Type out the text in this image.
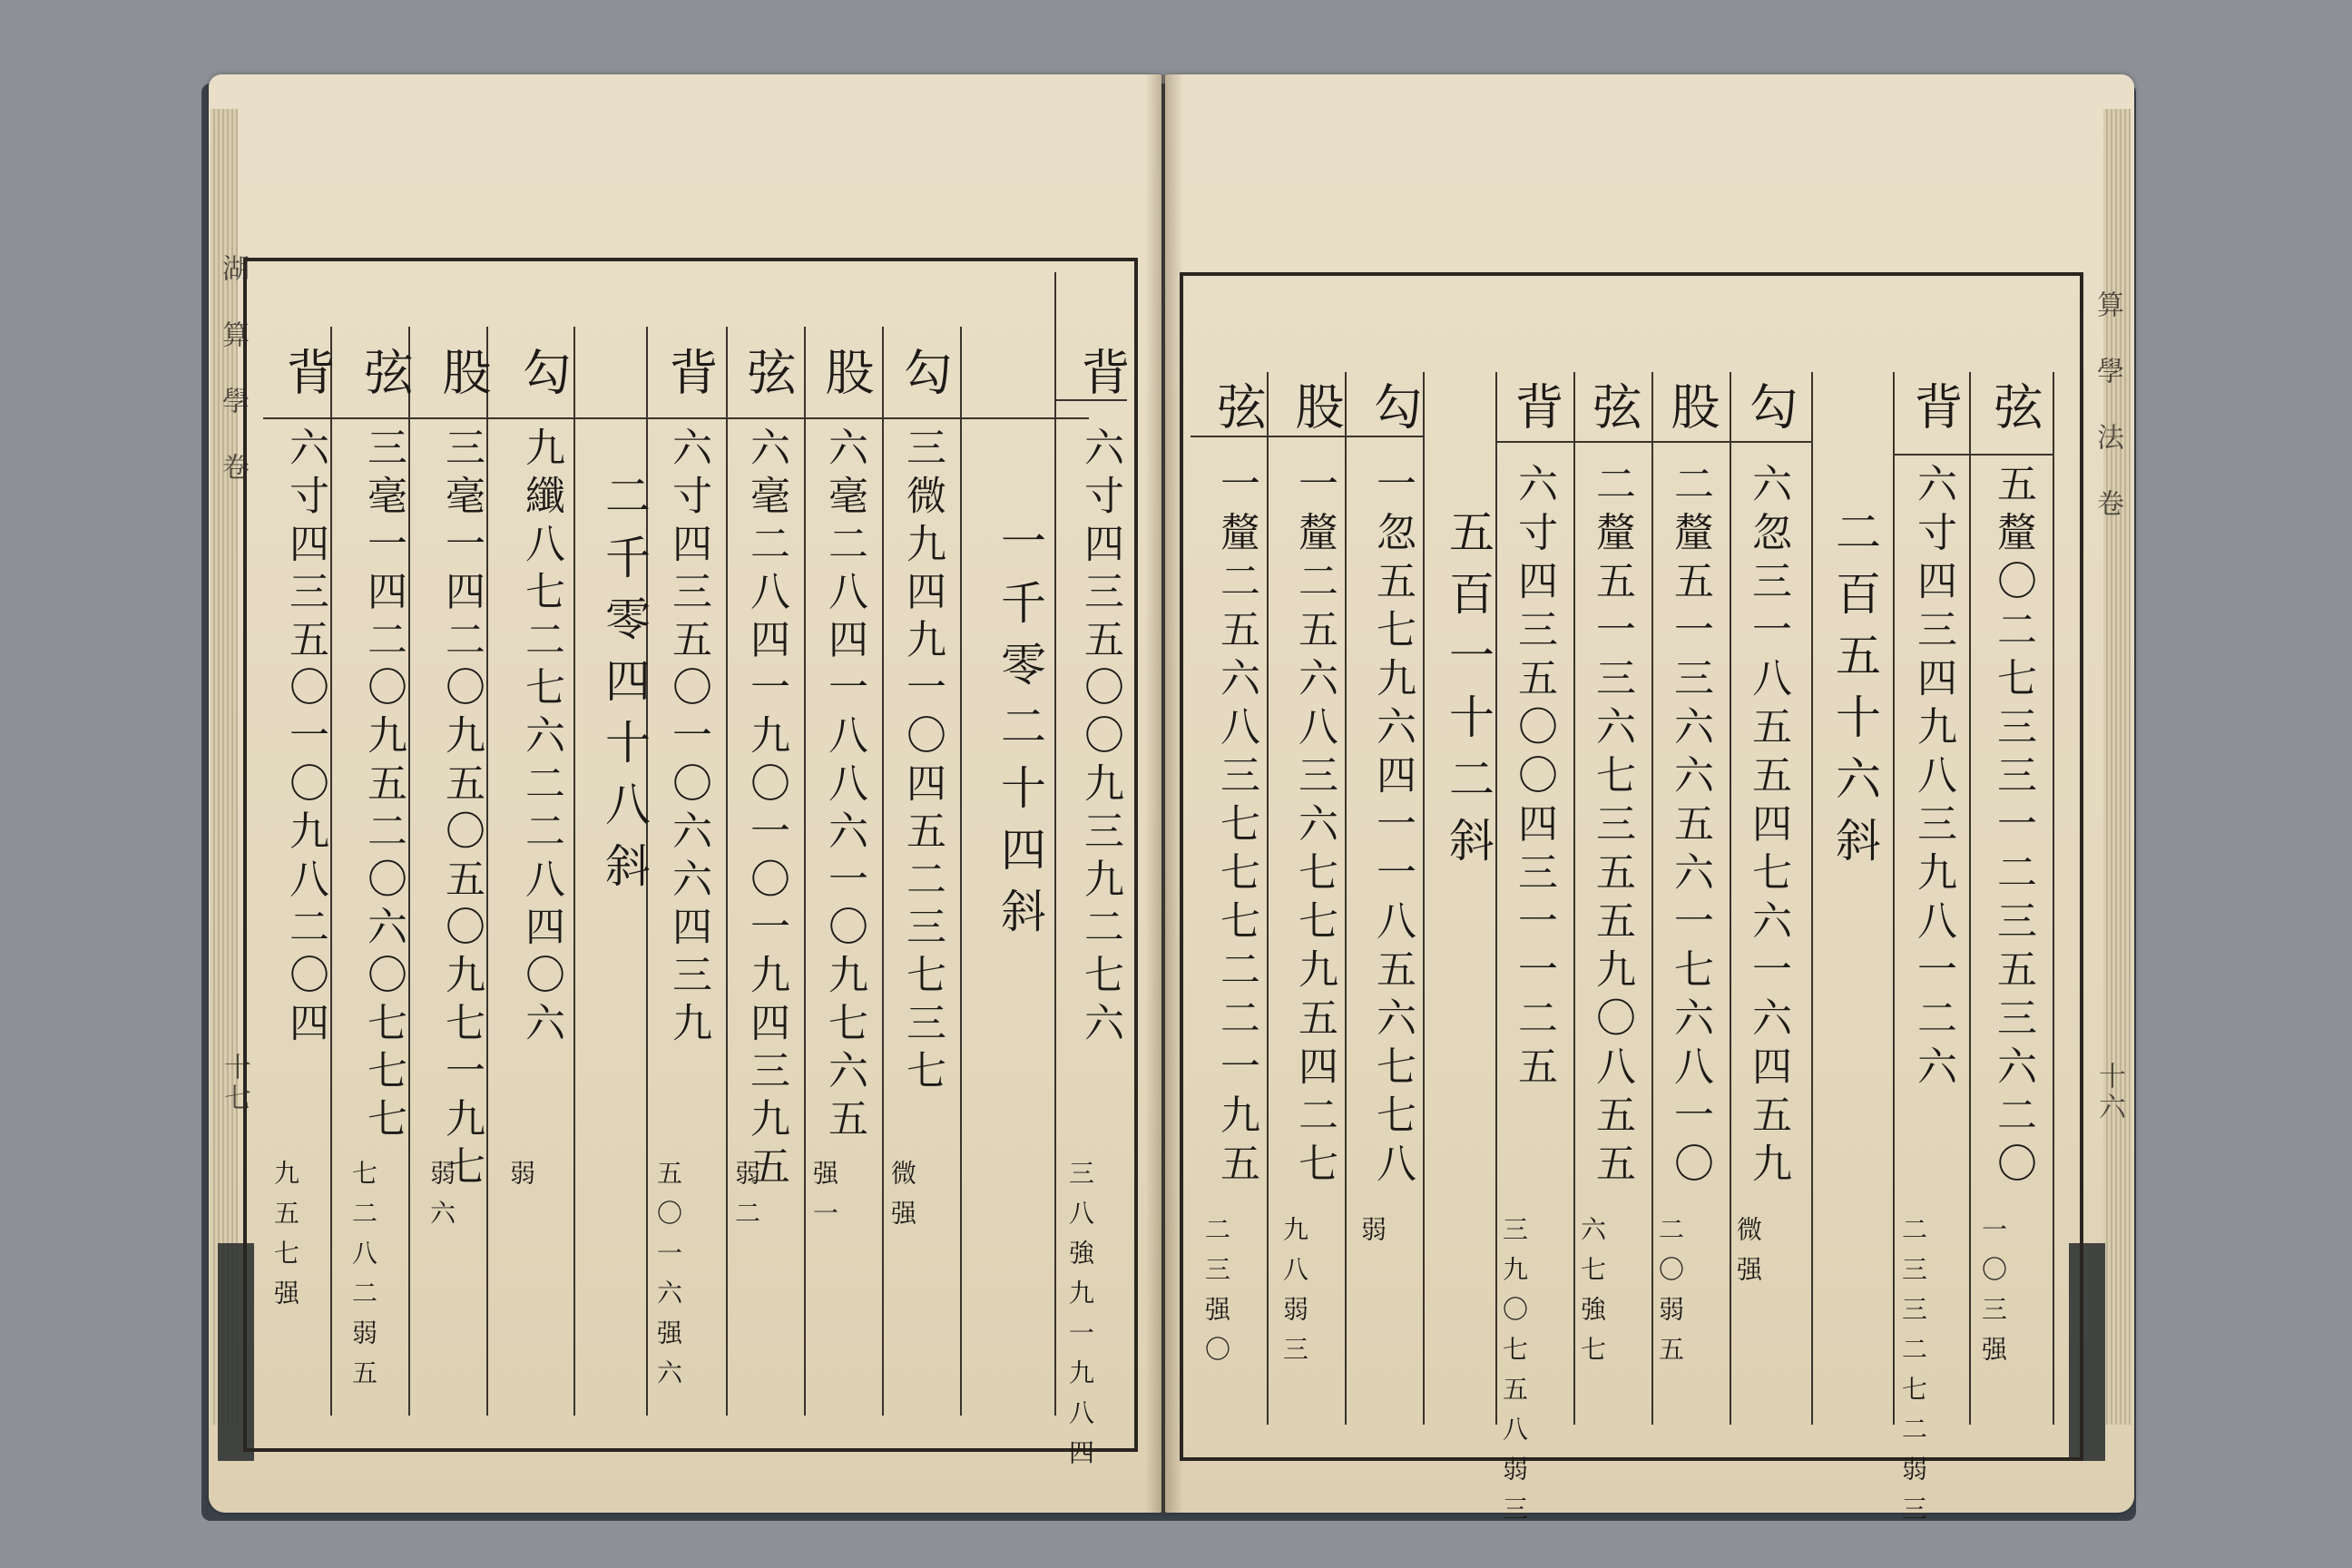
湖 算 學 卷
十七
算 學 法 卷
十六
背
六寸四三五〇一〇九八二〇四
九五七强
弦
三毫一四二〇九五二〇六〇七七七
七二八二弱五
股
三毫一四二〇九五〇五〇九七一九七
弱六
勾
九纖八七二七六二二八四〇六
弱
二千零四十八斜
背
六寸四三五〇一〇六六四三九
五〇一六强六
弦
六毫二八四一九〇一〇一九四三九五
弱二
股
六毫二八四一八八六一〇九七六五
强一
勾
三微九四九一〇四五二三七三七
微强
一千零二十四斜
背
六寸四三五〇〇九三九二七六
三八強九一九八四
弦
一釐二五六八三七七七二二一九五
二三强〇
股
一釐二五六八三六七七九五四二七
九八弱三
勾
一忽五七九六四一一八五六七七八
弱
五百一十二斜
背
六寸四三五〇〇四三一一二五
三九〇七五八弱三
弦
二釐五一三六七三五五九〇八五五
六七強七
股
二釐五一三六六五六一七六八一〇
二〇弱五
勾
六忽三一八五五四七六一六四五九
微强
二百五十六斜
背
六寸四三四九八三九八一二六
二三三二七二弱三
弦
五釐〇二七三三一二三五三六二〇
一〇三强
